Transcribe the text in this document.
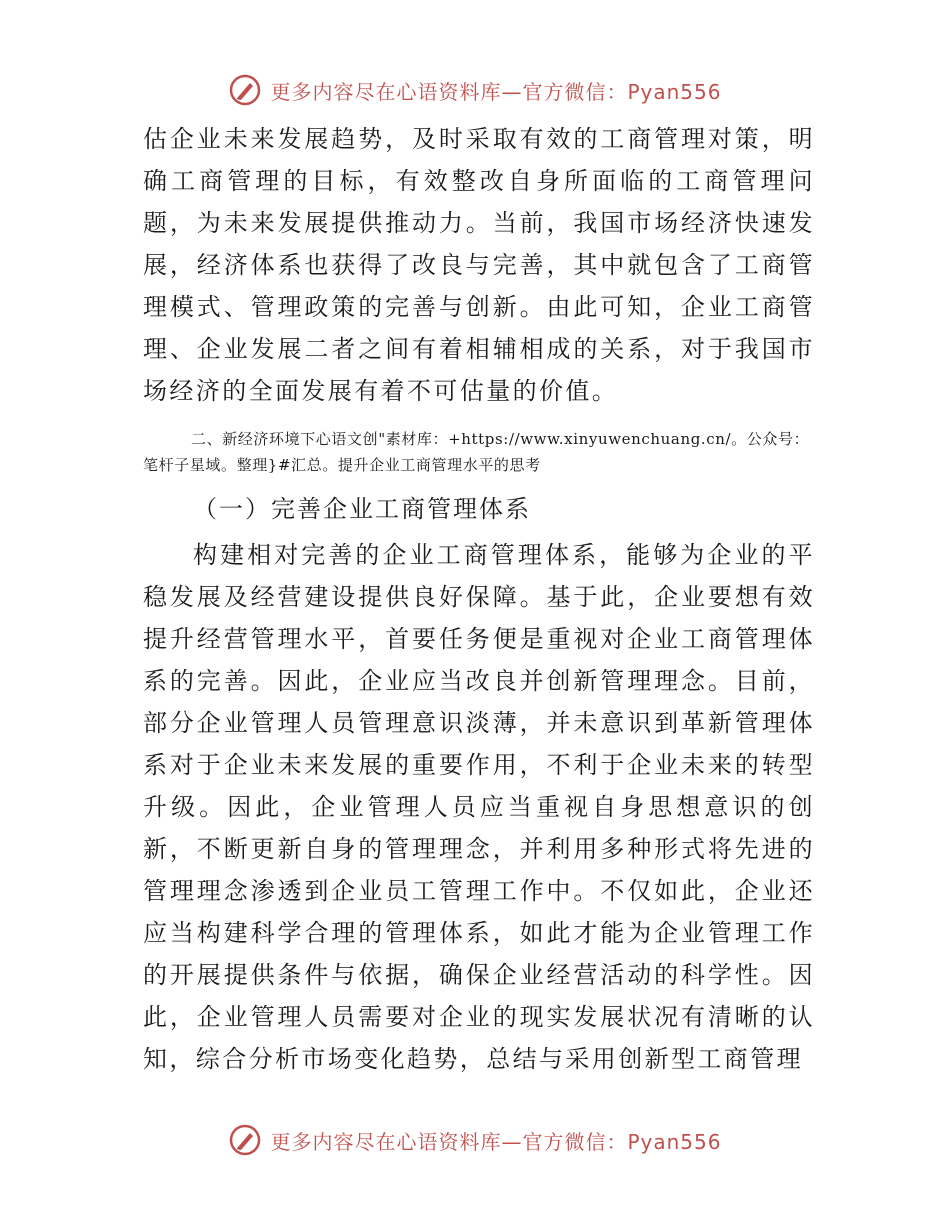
更多内容尽在心语资料库—官方微信：Pyan556

估企业未来发展趋势，及时采取有效的工商管理对策，明确工商管理的目标，有效整改自身所面临的工商管理问题，为未来发展提供推动力。当前，我国市场经济快速发展，经济体系也获得了改良与完善，其中就包含了工商管理模式、管理政策的完善与创新。由此可知，企业工商管理、企业发展二者之间有着相辅相成的关系，对于我国市场经济的全面发展有着不可估量的价值。

二、新经济环境下心语文创"素材库：+https://www.xinyuwenchuang.cn/。公众号：笔杆子星域。整理}#汇总。提升企业工商管理水平的思考

（一）完善企业工商管理体系

构建相对完善的企业工商管理体系，能够为企业的平稳发展及经营建设提供良好保障。基于此，企业要想有效提升经营管理水平，首要任务便是重视对企业工商管理体系的完善。因此，企业应当改良并创新管理理念。目前，部分企业管理人员管理意识淡薄，并未意识到革新管理体系对于企业未来发展的重要作用，不利于企业未来的转型升级。因此，企业管理人员应当重视自身思想意识的创新，不断更新自身的管理理念，并利用多种形式将先进的管理理念渗透到企业员工管理工作中。不仅如此，企业还应当构建科学合理的管理体系，如此才能为企业管理工作的开展提供条件与依据，确保企业经营活动的科学性。因此，企业管理人员需要对企业的现实发展状况有清晰的认知，综合分析市场变化趋势，总结与采用创新型工商管理

更多内容尽在心语资料库—官方微信：Pyan556
